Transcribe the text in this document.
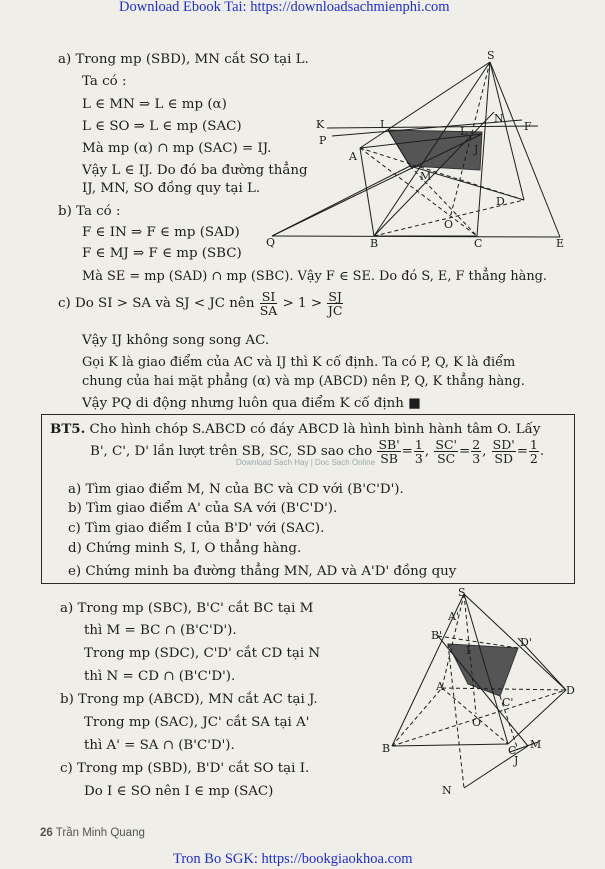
Download Ebook Tai: https://downloadsachmienphi.com
a) Trong mp (SBD), MN cắt SO tại L.
Ta có :
L ∈ MN ⇒ L ∈ mp (α)
L ∈ SO ⇒ L ∈ mp (SAC)
Mà mp (α) ∩ mp (SAC) = IJ.
Vậy L ∈ IJ. Do đó ba đường thẳng
IJ, MN, SO đồng quy tại L.
b) Ta có :
F ∈ IN ⇒ F ∈ mp (SAD)
F ∈ MJ ⇒ F ∈ mp (SBC)
Mà SE = mp (SAD) ∩ mp (SBC). Vậy F ∈ SE. Do đó S, E, F thẳng hàng.
c) Do SI > SA và SJ < JC nên $\frac{SI}{SA} > 1 > \frac{SJ}{JC}$
Vậy IJ không song song AC.
Gọi K là giao điểm của AC và IJ thì K cố định. Ta có P, Q, K là điểm
chung của hai mặt phẳng (α) và mp (ABCD) nên P, Q, K thẳng hàng.
Vậy PQ di động nhưng luôn qua điểm K cố định ■
S
K
P
A
I
L
N
F
J
M
D
O
Q	B	C	E
BT5. Cho hình chóp S.ABCD có đáy ABCD là hình bình hành tâm O. Lấy
B', C', D' lần lượt trên SB, SC, SD sao cho $\frac{SB'}{SB} = \frac{1}{3}$ , $\frac{SC'}{SC} = \frac{2}{3}$ , $\frac{SD'}{SD} = \frac{1}{2}$ .
Download Sach Hay | Doc Sach Online
a) Tìm giao điểm M, N của BC và CD với (B'C'D').
b) Tìm giao điểm A' của SA với (B'C'D').
c) Tìm giao điểm I của B'D' với (SAC).
d) Chứng minh S, I, O thẳng hàng.
e) Chứng minh ba đường thẳng MN, AD và A'D' đồng quy
a) Trong mp (SBC), B'C' cắt BC tại M
thì M = BC ∩ (B'C'D').
Trong mp (SDC), C'D' cắt CD tại N
thì N = CD ∩ (B'C'D').
b) Trong mp (ABCD), MN cắt AC tại J.
Trong mp (SAC), JC' cắt SA tại A'
thì A' = SA ∩ (B'C'D').
c) Trong mp (SBD), B'D' cắt SO tại I.
Do I ∈ SO nên I ∈ mp (SAC)
S
A'
B'
I
D'
A	D
C'
O
B	C M
J
N
26 Trần Minh Quang
Tron Bo SGK: https://bookgiaokhoa.com
